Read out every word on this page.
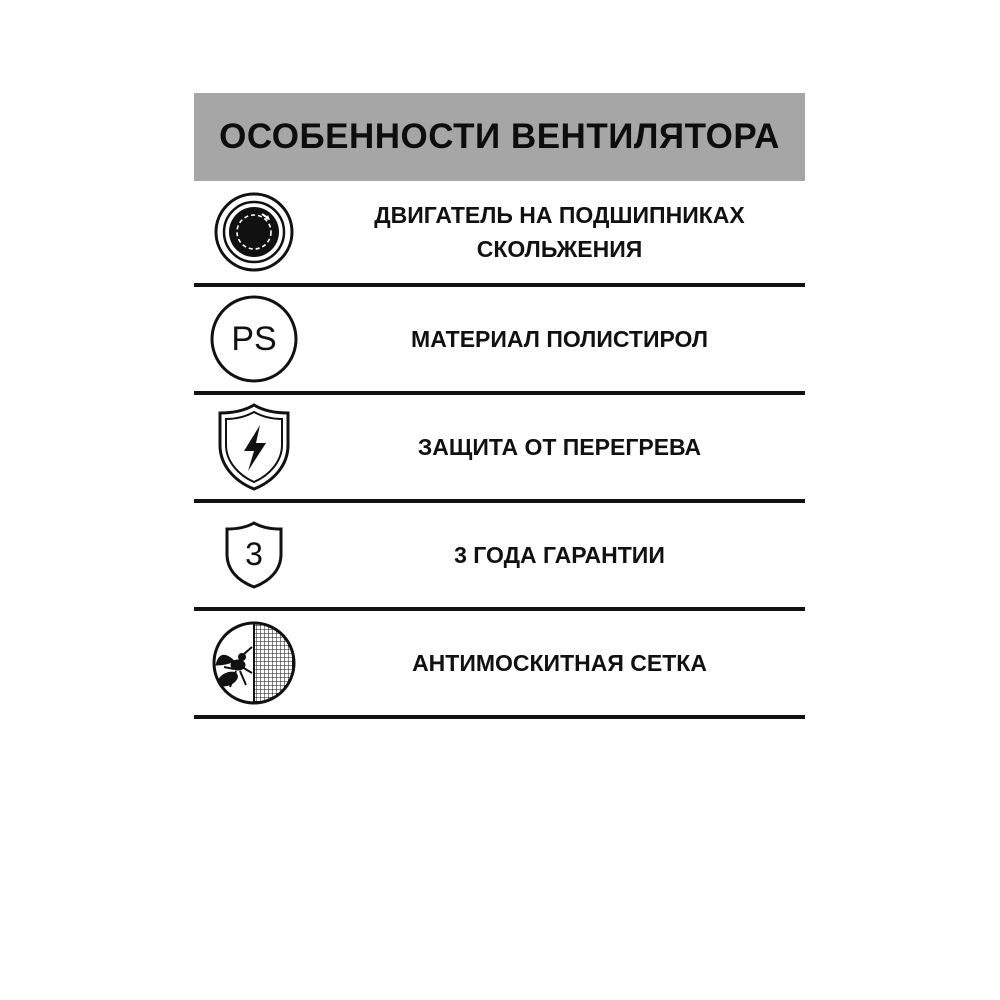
ОСОБЕННОСТИ ВЕНТИЛЯТОРА
ДВИГАТЕЛЬ НА ПОДШИПНИКАХ
СКОЛЬЖЕНИЯ
PS	МАТЕРИАЛ ПОЛИСТИРОЛ
ЗАЩИТА ОТ ПЕРЕГРЕВА
3	3 ГОДА ГАРАНТИИ
АНТИМОСКИТНАЯ СЕТКА
